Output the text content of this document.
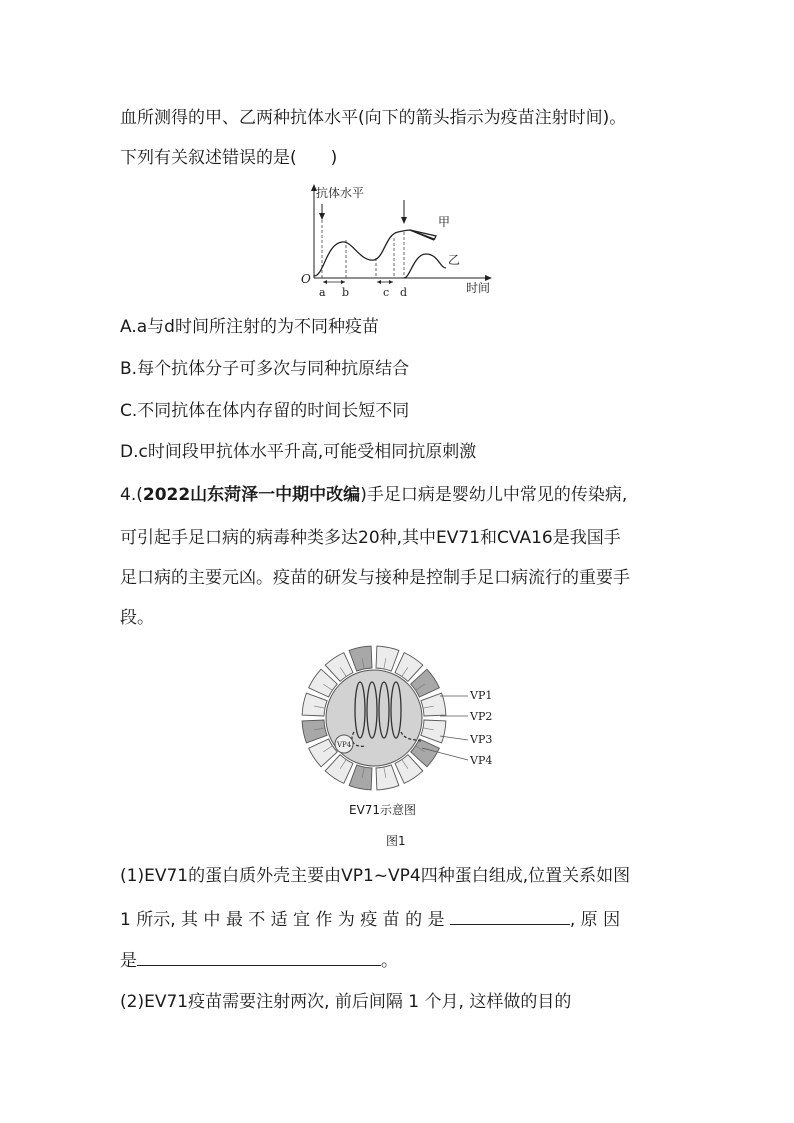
血所测得的甲、乙两种抗体水平(向下的箭头指示为疫苗注射时间)。
下列有关叙述错误的是(　　)
抗体水平
O
甲
乙
a b	c d	时间
A.a与d时间所注射的为不同种疫苗
B.每个抗体分子可多次与同种抗原结合
C.不同抗体在体内存留的时间长短不同
D.c时间段甲抗体水平升高,可能受相同抗原刺激
4.(2022山东菏泽一中期中改编)手足口病是婴幼儿中常见的传染病,
可引起手足口病的病毒种类多达20种,其中EV71和CVA16是我国手
足口病的主要元凶。疫苗的研发与接种是控制手足口病流行的重要手
段。
VP4
VP1
VP2
VP3
VP4
EV71示意图
图1
(1)EV71的蛋白质外壳主要由VP1~VP4四种蛋白组成,位置关系如图
1 所示, 其 中 最 不 适 宜 作 为 疫 苗 的 是	, 原 因
是	。
(2)EV71疫苗需要注射两次, 前后间隔 1 个月, 这样做的目的
